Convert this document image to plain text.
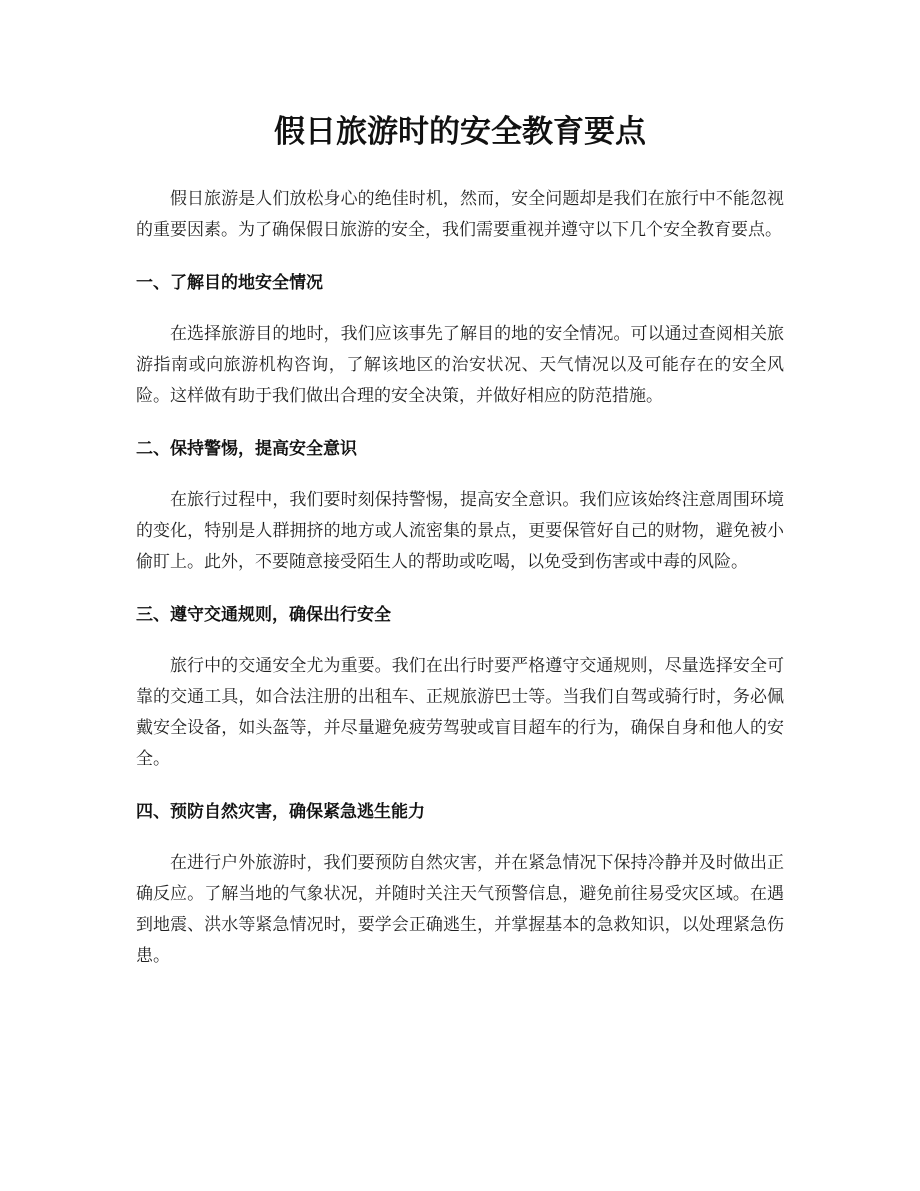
假日旅游时的安全教育要点

假日旅游是人们放松身心的绝佳时机，然而，安全问题却是我们在旅行中不能忽视的重要因素。为了确保假日旅游的安全，我们需要重视并遵守以下几个安全教育要点。

一、了解目的地安全情况

在选择旅游目的地时，我们应该事先了解目的地的安全情况。可以通过查阅相关旅游指南或向旅游机构咨询，了解该地区的治安状况、天气情况以及可能存在的安全风险。这样做有助于我们做出合理的安全决策，并做好相应的防范措施。

二、保持警惕，提高安全意识

在旅行过程中，我们要时刻保持警惕，提高安全意识。我们应该始终注意周围环境的变化，特别是人群拥挤的地方或人流密集的景点，更要保管好自己的财物，避免被小偷盯上。此外，不要随意接受陌生人的帮助或吃喝，以免受到伤害或中毒的风险。

三、遵守交通规则，确保出行安全

旅行中的交通安全尤为重要。我们在出行时要严格遵守交通规则，尽量选择安全可靠的交通工具，如合法注册的出租车、正规旅游巴士等。当我们自驾或骑行时，务必佩戴安全设备，如头盔等，并尽量避免疲劳驾驶或盲目超车的行为，确保自身和他人的安全。

四、预防自然灾害，确保紧急逃生能力

在进行户外旅游时，我们要预防自然灾害，并在紧急情况下保持冷静并及时做出正确反应。了解当地的气象状况，并随时关注天气预警信息，避免前往易受灾区域。在遇到地震、洪水等紧急情况时，要学会正确逃生，并掌握基本的急救知识，以处理紧急伤患。
